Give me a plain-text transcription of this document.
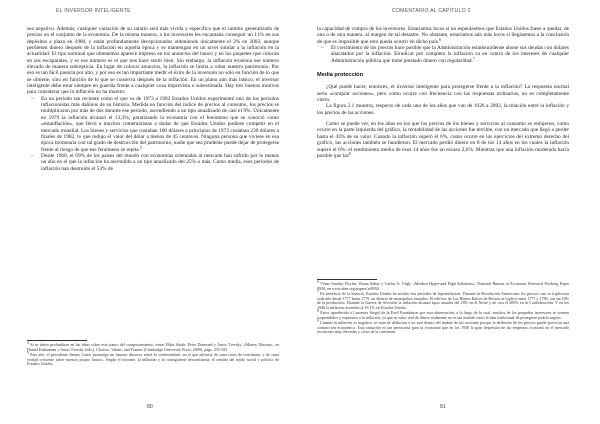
EL INVERSOR INTELIGENTE

sea negativo. Además, cualquier variación de su salario será más vívida y específica que el cambio generalizado de precios en el conjunto de la economía. De la misma manera, a los inversores les encantaba conseguir un 11% en sus depósitos a plazo en 1980, y están profundamente decepcionados obteniendo únicamente el 2% en 2003, aunque perdiesen dinero después de la inflación en aquella época y se mantengan en un nivel similar a la inflación en la actualidad. El tipo nominal que obtenemos aparece impreso en los anuncios del banco y en los paquetes que colocan en sus escaparates, y es ese número es el que nos hace sentir bien. Sin embargo, la inflación erosiona ese número elevado de manera subrepticia. En lugar de colocar anuncios, la inflación se limita a robar nuestro patrimonio. Por eso es tan fácil pasarla por alto, y por eso es tan importante medir el éxito de la inversión no sólo en función de lo que se obtiene, sino en función de lo que se conserva después de la inflación. En un plano aún más básico, el inversor inteligente debe estar siempre en guardia frente a cualquier cosa imprevista o subestimada. Hay tres buenos motivos para considerar que la inflación no ha muerto:

– En un período tan reciente como el que va de 1973 a 1982 Estados Unidos experimentó uno de los períodos inflacionistas más dañinos de su historia. Medida en función del índice de precios al consumo, los precios se multiplicaron por más de dos durante ese período, ascendiendo a un tipo anualizado de casi el 9%. Únicamente en 1979 la inflación alcanzó el 13,3%, paralizando la economía con el fenómeno que se conoció como «estanflación», que llevó a muchos comentaristas a dudar de que Estados Unidos pudiese competir en el mercado mundial. Los bienes y servicios que costaban 100 dólares a principios de 1973 costaban 230 dólares a finales de 1982, lo que redujo el valor del dólar a menos de 45 centavos. Ninguna persona que viviese en esa época bromearía con tal grado de destrucción del patrimonio, nadie que sea prudente puede dejar de protegerse frente al riesgo de que ese fenómeno se repita.$^5$
– Desde 1960, el 69% de los países del mundo con economías orientadas al mercado han sufrido por lo menos un año en el que la inflación ha ascendido a un tipo anualizado del 25% o más. Como media, esos períodos de inflación han destruido el 53% de

$^4$ Si se desea profundizar en las ideas sobre este tramo del comportamiento, véase Eldar Shafir, Peter Diamond y Amos Tversky, «Money Illusion», en Daniel Kahneman y Amos Tversky (eds.), Choices, Values, and Frames (Cambridge University Press, 2000), págs. 335-355.

$^5$ Este año, el presidente Jimmy Carter promulgó un famoso discurso sobre la «enfermedad» en el que advertía de «una crisis de confianza» y de «una verdad creciente sobre nuestro propio futuro». Según el informe, la inflación y la consiguiente desconfianza, el sentido del tejido social y político de Estados Unidos.

80
COMENTARIO AL CAPÍTULO 2

la capacidad de compra de los inversores. Estaríamos locos si no esperásemos que Estados Unidos fuese a quedar, de una o de otra manera, al margen de tal desastre. No obstante, estaríamos aún más locos si llegásemos a la conclusión de que es imposible que esto pueda ocurrir en dicho país.$^6$

– El crecimiento de los precios hace posible que la Administración estadounidense abone sus deudas con dólares abaratados por la inflación. Erradicar por completo la inflación va en contra de los intereses de cualquier Administración pública que tome prestado dinero con regularidad.$^7$
Media protección

¿Qué puede hacer, entonces, el inversor inteligente para protegerse frente a la inflación? La respuesta normal sería «comprar acciones», pero como ocurre con frecuencia con las respuestas ordinarias, no es completamente cierto.

La figura 2.1 muestra, respecto de cada uno de los años que van de 1926 a 2002, la relación entre la inflación y los precios de las acciones.

Como se puede ver, en los años en los que los precios de los bienes y servicios al consumo se redujeron, como ocurre en la parte izquierda del gráfico, la rentabilidad de las acciones fue terrible, con un mercado que llegó a perder hasta el 43% de su valor. Cuando la inflación superó el 6%, como ocurre en los ejercicios del extremo derecho del gráfico, las acciones también se hundieron. El mercado perdió dinero en 8 de los 14 años en los cuales la inflación superó el 6%; el rendimiento medio de esos 14 años fue un escaso 2,6%. Mientras que una inflación moderada hacía posible que las$^8$

$^6$ Véase Stanley Fischer, Ratna Sahay y Carlos A. Végh, «Modern Hyper-and High Inflations», National Bureau of Economic Research Working Paper 8930, en www.nber.org/papers/w8930.

$^7$ En beneficio de la historia, Estados Unidos ha sufrido dos períodos de hiperinflación. Durante la Revolución Americana, los precios casi se triplicaron cada año desde 1777 hasta 1779, un diluvio de monopolios estatales. El edificio de Los Bienes Raíces de Boston se triplicó entre 1777 y 1780, con un 10% de la producción. Durante la Guerra de Secesión la inflación alcanzó tipos anuales del 29% en el Norte y de casi el 200% en la Confederación. Y en los 1946 la inflación ascendió al 18,1% en Estados Unidos.

$^8$ Estoy agradecido a Laurence Siegel de la Ford Foundation por esta observación, a lo largo de la cual, muchos de los pequeños inversores se sienten sorprendidos y expuestos a la inflación, ya que su valor real de dinero realmente no es tan estable como la idea tradicional de protegerse podría sugerir.

$^9$ Cuando la inflación es negativa, se trata de deflación y no está dentro del ámbito de las acciones porque la deflación de los precios puede provocar una contracción económica. Esta situación es tan perniciosa para la economía que en los 1930 la gran depresión de las empresas ocasionó en el mercado recesiones muy elevadas y crisis de la confianza.

81
